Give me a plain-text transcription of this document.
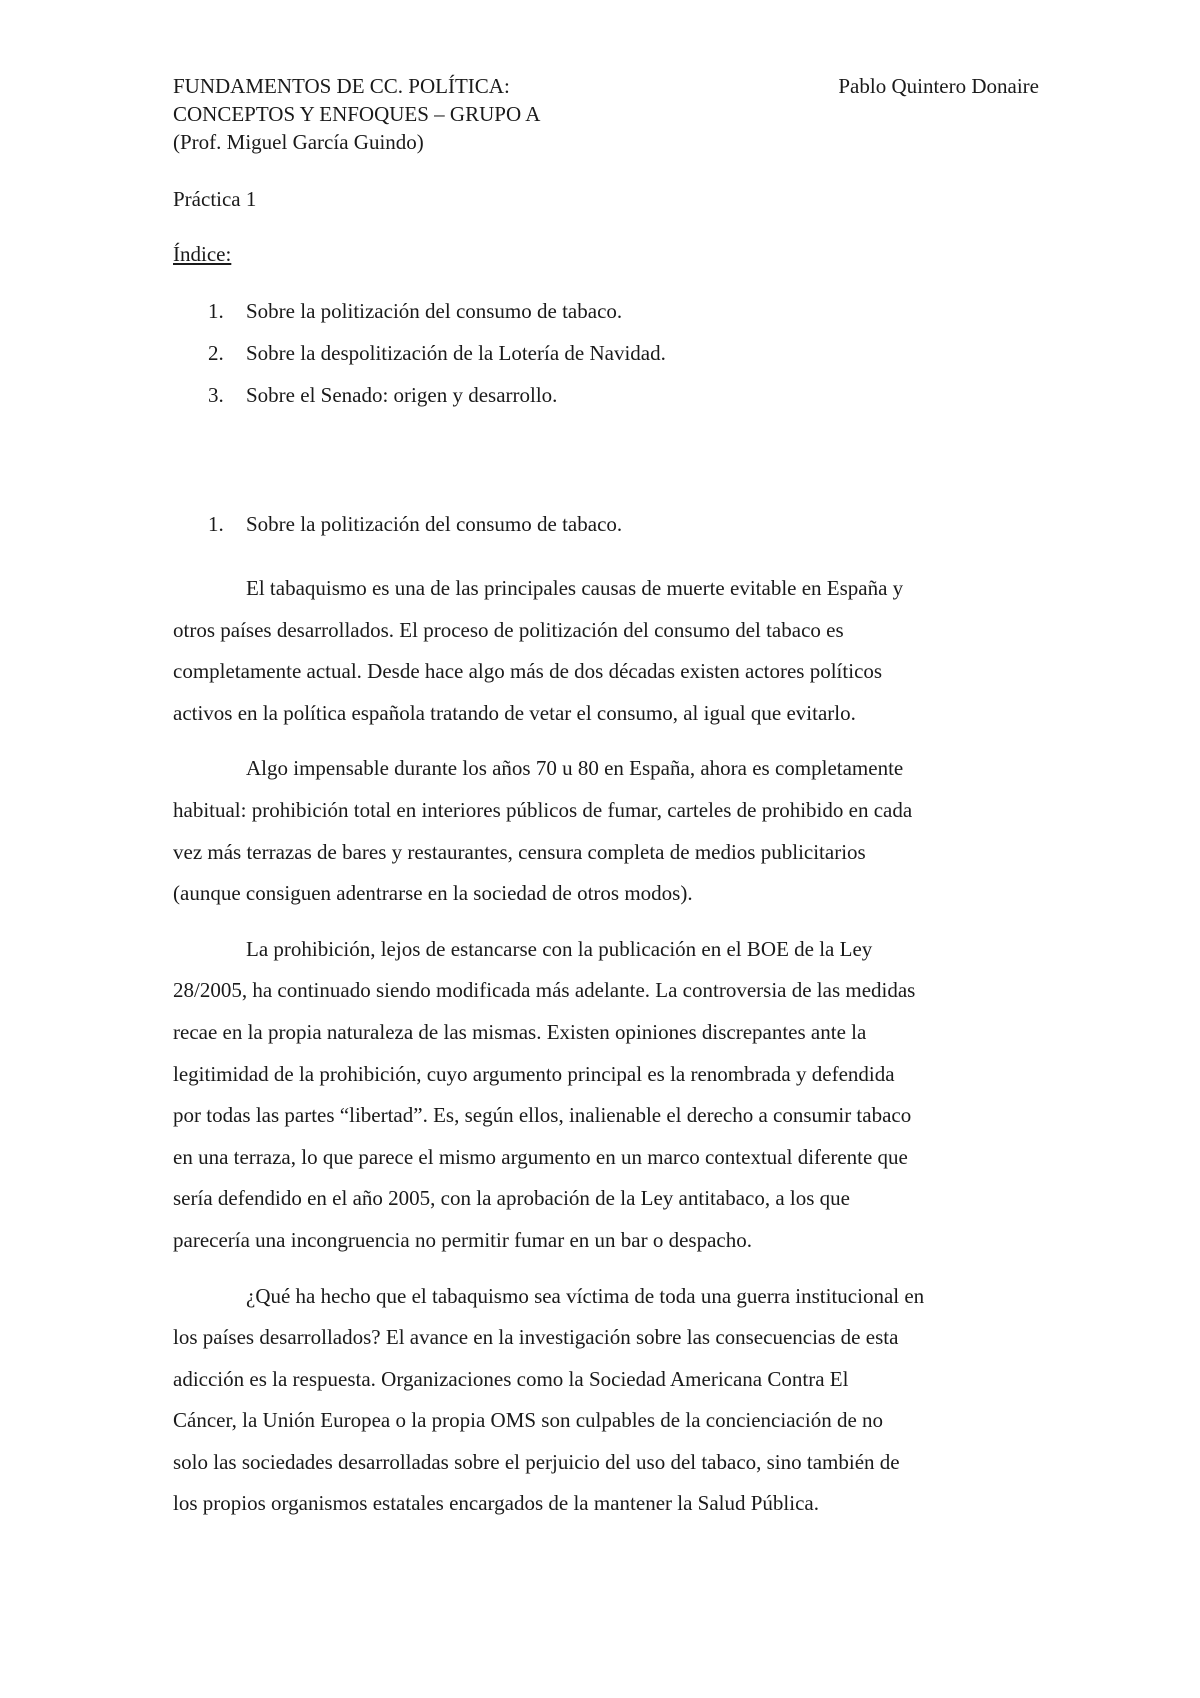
FUNDAMENTOS DE CC. POLÍTICA:
CONCEPTOS Y ENFOQUES – GRUPO A
(Prof. Miguel García Guindo)
Pablo Quintero Donaire
Práctica 1
Índice:
1. Sobre la politización del consumo de tabaco.
2. Sobre la despolitización de la Lotería de Navidad.
3. Sobre el Senado: origen y desarrollo.
1. Sobre la politización del consumo de tabaco.

El tabaquismo es una de las principales causas de muerte evitable en España y
otros países desarrollados. El proceso de politización del consumo del tabaco es
completamente actual. Desde hace algo más de dos décadas existen actores políticos
activos en la política española tratando de vetar el consumo, al igual que evitarlo.

Algo impensable durante los años 70 u 80 en España, ahora es completamente
habitual: prohibición total en interiores públicos de fumar, carteles de prohibido en cada
vez más terrazas de bares y restaurantes, censura completa de medios publicitarios
(aunque consiguen adentrarse en la sociedad de otros modos).

La prohibición, lejos de estancarse con la publicación en el BOE de la Ley
28/2005, ha continuado siendo modificada más adelante. La controversia de las medidas
recae en la propia naturaleza de las mismas. Existen opiniones discrepantes ante la
legitimidad de la prohibición, cuyo argumento principal es la renombrada y defendida
por todas las partes “libertad”. Es, según ellos, inalienable el derecho a consumir tabaco
en una terraza, lo que parece el mismo argumento en un marco contextual diferente que
sería defendido en el año 2005, con la aprobación de la Ley antitabaco, a los que
parecería una incongruencia no permitir fumar en un bar o despacho.

¿Qué ha hecho que el tabaquismo sea víctima de toda una guerra institucional en
los países desarrollados? El avance en la investigación sobre las consecuencias de esta
adicción es la respuesta. Organizaciones como la Sociedad Americana Contra El
Cáncer, la Unión Europea o la propia OMS son culpables de la concienciación de no
solo las sociedades desarrolladas sobre el perjuicio del uso del tabaco, sino también de
los propios organismos estatales encargados de la mantener la Salud Pública.
